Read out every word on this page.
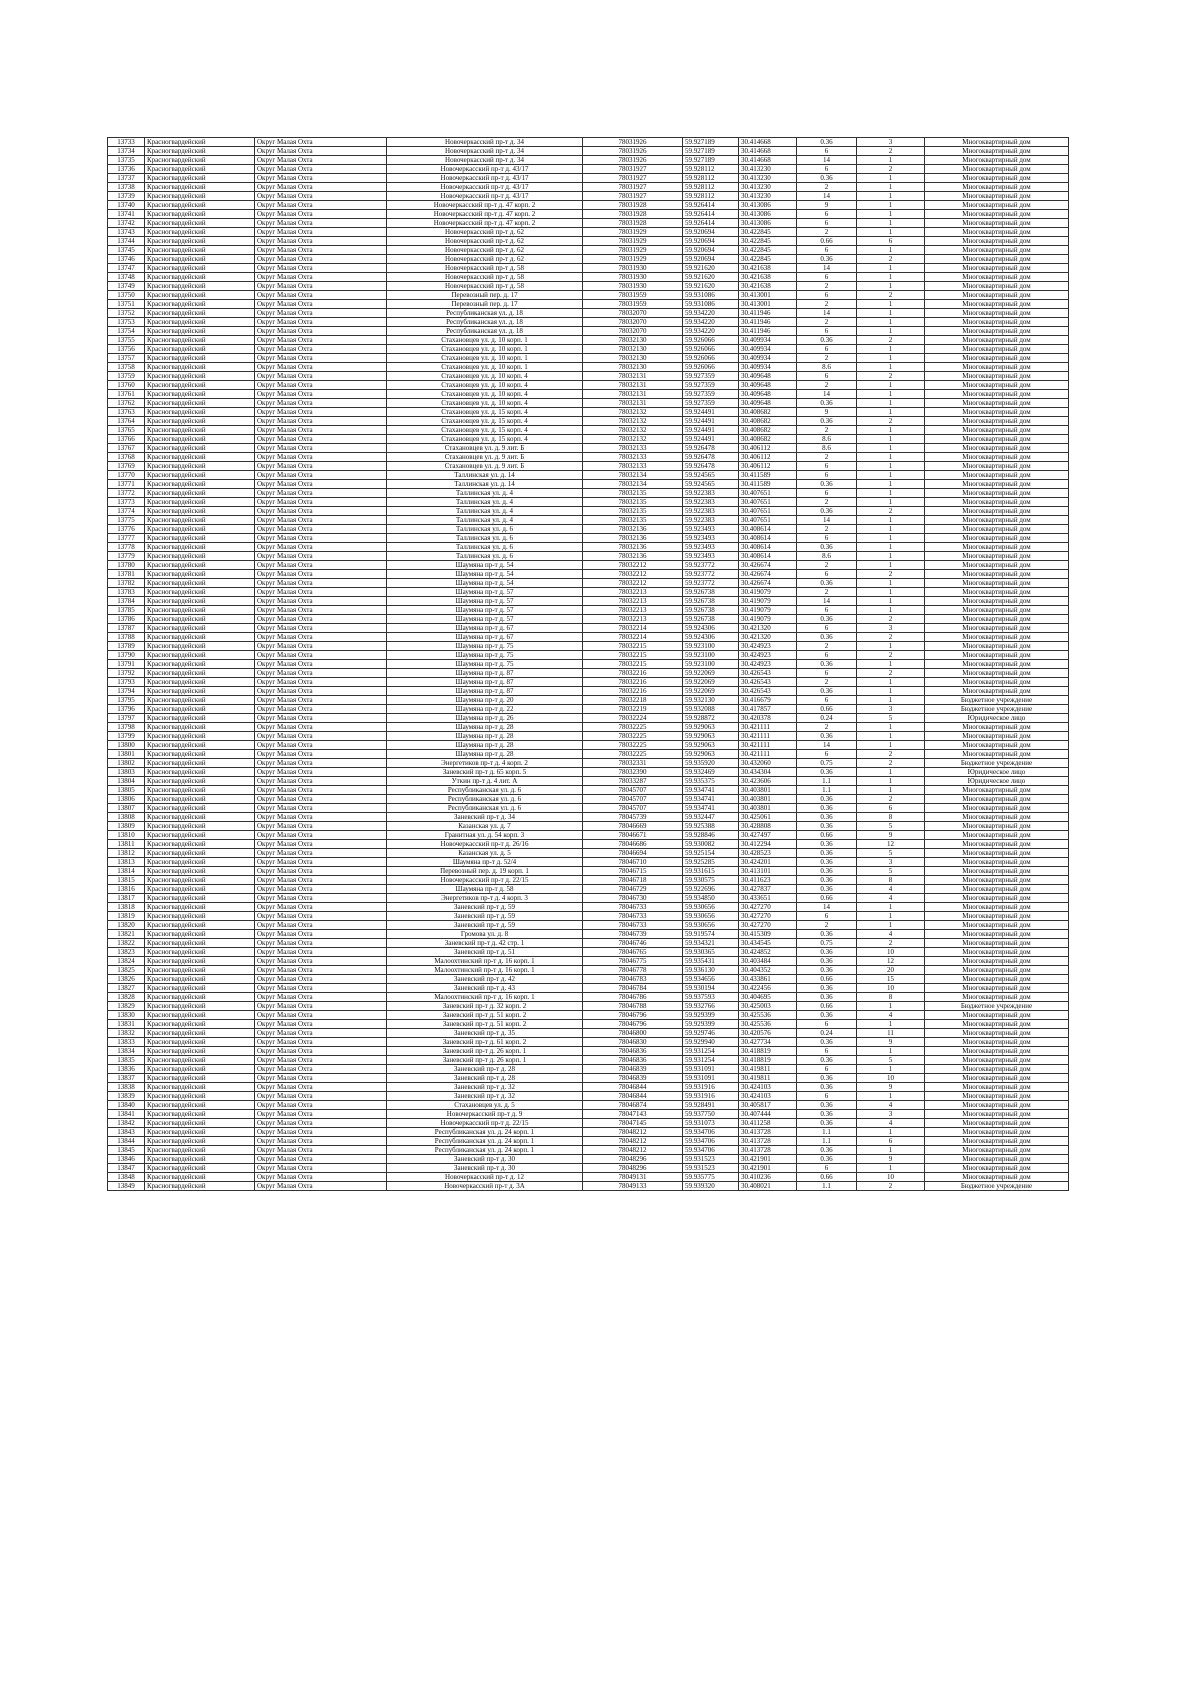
13733	Красногвардейский	Округ Малая Охта	Новочеркасский пр-т д. 34	78031926	59.927189	30.414668	0.36	3	Многоквартирный дом
13734	Красногвардейский	Округ Малая Охта	Новочеркасский пр-т д. 34	78031926	59.927189	30.414668	6	2	Многоквартирный дом
13735	Красногвардейский	Округ Малая Охта	Новочеркасский пр-т д. 34	78031926	59.927189	30.414668	14	1	Многоквартирный дом
13736	Красногвардейский	Округ Малая Охта	Новочеркасский пр-т д. 43/17	78031927	59.928112	30.413230	6	2	Многоквартирный дом
13737	Красногвардейский	Округ Малая Охта	Новочеркасский пр-т д. 43/17	78031927	59.928112	30.413230	0.36	1	Многоквартирный дом
13738	Красногвардейский	Округ Малая Охта	Новочеркасский пр-т д. 43/17	78031927	59.928112	30.413230	2	1	Многоквартирный дом
13739	Красногвардейский	Округ Малая Охта	Новочеркасский пр-т д. 43/17	78031927	59.928112	30.413230	14	1	Многоквартирный дом
13740	Красногвардейский	Округ Малая Охта	Новочеркасский пр-т д. 47 корп. 2	78031928	59.926414	30.413086	9	1	Многоквартирный дом
13741	Красногвардейский	Округ Малая Охта	Новочеркасский пр-т д. 47 корп. 2	78031928	59.926414	30.413086	6	1	Многоквартирный дом
13742	Красногвардейский	Округ Малая Охта	Новочеркасский пр-т д. 47 корп. 2	78031928	59.926414	30.413086	6	1	Многоквартирный дом
13743	Красногвардейский	Округ Малая Охта	Новочеркасский пр-т д. 62	78031929	59.920694	30.422845	2	1	Многоквартирный дом
13744	Красногвардейский	Округ Малая Охта	Новочеркасский пр-т д. 62	78031929	59.920694	30.422845	0.66	6	Многоквартирный дом
13745	Красногвардейский	Округ Малая Охта	Новочеркасский пр-т д. 62	78031929	59.920694	30.422845	6	1	Многоквартирный дом
13746	Красногвардейский	Округ Малая Охта	Новочеркасский пр-т д. 62	78031929	59.920694	30.422845	0.36	2	Многоквартирный дом
13747	Красногвардейский	Округ Малая Охта	Новочеркасский пр-т д. 58	78031930	59.921620	30.421638	14	1	Многоквартирный дом
13748	Красногвардейский	Округ Малая Охта	Новочеркасский пр-т д. 58	78031930	59.921620	30.421638	6	1	Многоквартирный дом
13749	Красногвардейский	Округ Малая Охта	Новочеркасский пр-т д. 58	78031930	59.921620	30.421638	2	1	Многоквартирный дом
13750	Красногвардейский	Округ Малая Охта	Перевозный пер. д. 17	78031959	59.931086	30.413001	6	2	Многоквартирный дом
13751	Красногвардейский	Округ Малая Охта	Перевозный пер. д. 17	78031959	59.931086	30.413001	2	1	Многоквартирный дом
13752	Красногвардейский	Округ Малая Охта	Республиканская ул. д. 18	78032070	59.934220	30.411946	14	1	Многоквартирный дом
13753	Красногвардейский	Округ Малая Охта	Республиканская ул. д. 18	78032070	59.934220	30.411946	2	1	Многоквартирный дом
13754	Красногвардейский	Округ Малая Охта	Республиканская ул. д. 18	78032070	59.934220	30.411946	6	1	Многоквартирный дом
13755	Красногвардейский	Округ Малая Охта	Стахановцев ул. д. 10 корп. 1	78032130	59.926066	30.409934	0.36	2	Многоквартирный дом
13756	Красногвардейский	Округ Малая Охта	Стахановцев ул. д. 10 корп. 1	78032130	59.926066	30.409934	6	1	Многоквартирный дом
13757	Красногвардейский	Округ Малая Охта	Стахановцев ул. д. 10 корп. 1	78032130	59.926066	30.409934	2	1	Многоквартирный дом
13758	Красногвардейский	Округ Малая Охта	Стахановцев ул. д. 10 корп. 1	78032130	59.926066	30.409934	8.6	1	Многоквартирный дом
13759	Красногвардейский	Округ Малая Охта	Стахановцев ул. д. 10 корп. 4	78032131	59.927359	30.409648	6	2	Многоквартирный дом
13760	Красногвардейский	Округ Малая Охта	Стахановцев ул. д. 10 корп. 4	78032131	59.927359	30.409648	2	1	Многоквартирный дом
13761	Красногвардейский	Округ Малая Охта	Стахановцев ул. д. 10 корп. 4	78032131	59.927359	30.409648	14	1	Многоквартирный дом
13762	Красногвардейский	Округ Малая Охта	Стахановцев ул. д. 10 корп. 4	78032131	59.927359	30.409648	0.36	1	Многоквартирный дом
13763	Красногвардейский	Округ Малая Охта	Стахановцев ул. д. 15 корп. 4	78032132	59.924491	30.408682	9	1	Многоквартирный дом
13764	Красногвардейский	Округ Малая Охта	Стахановцев ул. д. 15 корп. 4	78032132	59.924491	30.408682	0.36	2	Многоквартирный дом
13765	Красногвардейский	Округ Малая Охта	Стахановцев ул. д. 15 корп. 4	78032132	59.924491	30.408682	2	1	Многоквартирный дом
13766	Красногвардейский	Округ Малая Охта	Стахановцев ул. д. 15 корп. 4	78032132	59.924491	30.408682	8.6	1	Многоквартирный дом
13767	Красногвардейский	Округ Малая Охта	Стахановцев ул. д. 9 лит. Б	78032133	59.926478	30.406112	8.6	1	Многоквартирный дом
13768	Красногвардейский	Округ Малая Охта	Стахановцев ул. д. 9 лит. Б	78032133	59.926478	30.406112	2	1	Многоквартирный дом
13769	Красногвардейский	Округ Малая Охта	Стахановцев ул. д. 9 лит. Б	78032133	59.926478	30.406112	6	1	Многоквартирный дом
13770	Красногвардейский	Округ Малая Охта	Таллинская ул. д. 14	78032134	59.924565	30.411589	6	1	Многоквартирный дом
13771	Красногвардейский	Округ Малая Охта	Таллинская ул. д. 14	78032134	59.924565	30.411589	0.36	1	Многоквартирный дом
13772	Красногвардейский	Округ Малая Охта	Таллинская ул. д. 4	78032135	59.922383	30.407651	6	1	Многоквартирный дом
13773	Красногвардейский	Округ Малая Охта	Таллинская ул. д. 4	78032135	59.922383	30.407651	2	1	Многоквартирный дом
13774	Красногвардейский	Округ Малая Охта	Таллинская ул. д. 4	78032135	59.922383	30.407651	0.36	2	Многоквартирный дом
13775	Красногвардейский	Округ Малая Охта	Таллинская ул. д. 4	78032135	59.922383	30.407651	14	1	Многоквартирный дом
13776	Красногвардейский	Округ Малая Охта	Таллинская ул. д. 6	78032136	59.923493	30.408614	2	1	Многоквартирный дом
13777	Красногвардейский	Округ Малая Охта	Таллинская ул. д. 6	78032136	59.923493	30.408614	6	1	Многоквартирный дом
13778	Красногвардейский	Округ Малая Охта	Таллинская ул. д. 6	78032136	59.923493	30.408614	0.36	1	Многоквартирный дом
13779	Красногвардейский	Округ Малая Охта	Таллинская ул. д. 6	78032136	59.923493	30.408614	8.6	1	Многоквартирный дом
13780	Красногвардейский	Округ Малая Охта	Шаумяна пр-т д. 54	78032212	59.923772	30.426674	2	1	Многоквартирный дом
13781	Красногвардейский	Округ Малая Охта	Шаумяна пр-т д. 54	78032212	59.923772	30.426674	6	2	Многоквартирный дом
13782	Красногвардейский	Округ Малая Охта	Шаумяна пр-т д. 54	78032212	59.923772	30.426674	0.36	1	Многоквартирный дом
13783	Красногвардейский	Округ Малая Охта	Шаумяна пр-т д. 57	78032213	59.926738	30.419079	2	1	Многоквартирный дом
13784	Красногвардейский	Округ Малая Охта	Шаумяна пр-т д. 57	78032213	59.926738	30.419079	14	1	Многоквартирный дом
13785	Красногвардейский	Округ Малая Охта	Шаумяна пр-т д. 57	78032213	59.926738	30.419079	6	1	Многоквартирный дом
13786	Красногвардейский	Округ Малая Охта	Шаумяна пр-т д. 57	78032213	59.926738	30.419079	0.36	2	Многоквартирный дом
13787	Красногвардейский	Округ Малая Охта	Шаумяна пр-т д. 67	78032214	59.924306	30.421320	6	3	Многоквартирный дом
13788	Красногвардейский	Округ Малая Охта	Шаумяна пр-т д. 67	78032214	59.924306	30.421320	0.36	2	Многоквартирный дом
13789	Красногвардейский	Округ Малая Охта	Шаумяна пр-т д. 75	78032215	59.923100	30.424923	2	1	Многоквартирный дом
13790	Красногвардейский	Округ Малая Охта	Шаумяна пр-т д. 75	78032215	59.923100	30.424923	6	2	Многоквартирный дом
13791	Красногвардейский	Округ Малая Охта	Шаумяна пр-т д. 75	78032215	59.923100	30.424923	0.36	1	Многоквартирный дом
13792	Красногвардейский	Округ Малая Охта	Шаумяна пр-т д. 87	78032216	59.922069	30.426543	6	2	Многоквартирный дом
13793	Красногвардейский	Округ Малая Охта	Шаумяна пр-т д. 87	78032216	59.922069	30.426543	2	1	Многоквартирный дом
13794	Красногвардейский	Округ Малая Охта	Шаумяна пр-т д. 87	78032216	59.922069	30.426543	0.36	1	Многоквартирный дом
13795	Красногвардейский	Округ Малая Охта	Шаумяна пр-т д. 20	78032218	59.932130	30.416679	6	1	Бюджетное учреждение
13796	Красногвардейский	Округ Малая Охта	Шаумяна пр-т д. 22	78032219	59.932088	30.417857	0.66	3	Бюджетное учреждение
13797	Красногвардейский	Округ Малая Охта	Шаумяна пр-т д. 26	78032224	59.928872	30.420378	0.24	5	Юридическое лицо
13798	Красногвардейский	Округ Малая Охта	Шаумяна пр-т д. 28	78032225	59.929063	30.421111	2	1	Многоквартирный дом
13799	Красногвардейский	Округ Малая Охта	Шаумяна пр-т д. 28	78032225	59.929063	30.421111	0.36	1	Многоквартирный дом
13800	Красногвардейский	Округ Малая Охта	Шаумяна пр-т д. 28	78032225	59.929063	30.421111	14	1	Многоквартирный дом
13801	Красногвардейский	Округ Малая Охта	Шаумяна пр-т д. 28	78032225	59.929063	30.421111	6	2	Многоквартирный дом
13802	Красногвардейский	Округ Малая Охта	Энергетиков пр-т д. 4 корп. 2	78032331	59.935920	30.432060	0.75	2	Бюджетное учреждение
13803	Красногвардейский	Округ Малая Охта	Заневский пр-т д. 65 корп. 5	78032390	59.932469	30.434304	0.36	1	Юридическое лицо
13804	Красногвардейский	Округ Малая Охта	Уткин пр-т д. 4 лит. А	78033287	59.935375	30.423606	1.1	1	Юридическое лицо
13805	Красногвардейский	Округ Малая Охта	Республиканская ул. д. 6	78045707	59.934741	30.403801	1.1	1	Многоквартирный дом
13806	Красногвардейский	Округ Малая Охта	Республиканская ул. д. 6	78045707	59.934741	30.403801	0.36	2	Многоквартирный дом
13807	Красногвардейский	Округ Малая Охта	Республиканская ул. д. 6	78045707	59.934741	30.403801	0.36	6	Многоквартирный дом
13808	Красногвардейский	Округ Малая Охта	Заневский пр-т д. 34	78045739	59.932447	30.425061	0.36	8	Многоквартирный дом
13809	Красногвардейский	Округ Малая Охта	Казанская ул. д. 7	78046669	59.925388	30.428808	0.36	5	Многоквартирный дом
13810	Красногвардейский	Округ Малая Охта	Гранитная ул. д. 54 корп. 3	78046671	59.928846	30.427497	0.66	9	Многоквартирный дом
13811	Красногвардейский	Округ Малая Охта	Новочеркасский пр-т д. 26/16	78046686	59.930082	30.412294	0.36	12	Многоквартирный дом
13812	Красногвардейский	Округ Малая Охта	Казанская ул. д. 5	78046694	59.925154	30.428523	0.36	5	Многоквартирный дом
13813	Красногвардейский	Округ Малая Охта	Шаумяна пр-т д. 52/4	78046710	59.925285	30.424201	0.36	3	Многоквартирный дом
13814	Красногвардейский	Округ Малая Охта	Перевозный пер. д. 19 корп. 1	78046715	59.931615	30.413101	0.36	5	Многоквартирный дом
13815	Красногвардейский	Округ Малая Охта	Новочеркасский пр-т д. 22/15	78046718	59.930575	30.411623	0.36	8	Многоквартирный дом
13816	Красногвардейский	Округ Малая Охта	Шаумяна пр-т д. 58	78046729	59.922696	30.427837	0.36	4	Многоквартирный дом
13817	Красногвардейский	Округ Малая Охта	Энергетиков пр-т д. 4 корп. 3	78046730	59.934850	30.433651	0.66	4	Многоквартирный дом
13818	Красногвардейский	Округ Малая Охта	Заневский пр-т д. 59	78046733	59.930656	30.427270	14	1	Многоквартирный дом
13819	Красногвардейский	Округ Малая Охта	Заневский пр-т д. 59	78046733	59.930656	30.427270	6	1	Многоквартирный дом
13820	Красногвардейский	Округ Малая Охта	Заневский пр-т д. 59	78046733	59.930656	30.427270	2	1	Многоквартирный дом
13821	Красногвардейский	Округ Малая Охта	Громова ул. д. 8	78046739	59.919574	30.415309	0.36	4	Многоквартирный дом
13822	Красногвардейский	Округ Малая Охта	Заневский пр-т д. 42 стр. 1	78046746	59.934321	30.434545	0.75	2	Многоквартирный дом
13823	Красногвардейский	Округ Малая Охта	Заневский пр-т д. 51	78046765	59.930365	30.424852	0.36	10	Многоквартирный дом
13824	Красногвардейский	Округ Малая Охта	Малоохтинский пр-т д. 16 корп. 1	78046775	59.935431	30.403484	0.36	12	Многоквартирный дом
13825	Красногвардейский	Округ Малая Охта	Малоохтинский пр-т д. 16 корп. 1	78046778	59.936130	30.404352	0.36	20	Многоквартирный дом
13826	Красногвардейский	Округ Малая Охта	Заневский пр-т д. 42	78046783	59.934656	30.433861	0.66	15	Многоквартирный дом
13827	Красногвардейский	Округ Малая Охта	Заневский пр-т д. 43	78046784	59.930194	30.422456	0.36	10	Многоквартирный дом
13828	Красногвардейский	Округ Малая Охта	Малоохтинский пр-т д. 16 корп. 1	78046786	59.937593	30.404695	0.36	8	Многоквартирный дом
13829	Красногвардейский	Округ Малая Охта	Заневский пр-т д. 32 корп. 2	78046788	59.932766	30.425003	0.66	1	Бюджетное учреждение
13830	Красногвардейский	Округ Малая Охта	Заневский пр-т д. 51 корп. 2	78046796	59.929399	30.425536	0.36	4	Многоквартирный дом
13831	Красногвардейский	Округ Малая Охта	Заневский пр-т д. 51 корп. 2	78046796	59.929399	30.425536	6	1	Многоквартирный дом
13832	Красногвардейский	Округ Малая Охта	Заневский пр-т д. 35	78046800	59.929746	30.420576	0.24	11	Многоквартирный дом
13833	Красногвардейский	Округ Малая Охта	Заневский пр-т д. 61 корп. 2	78046830	59.929940	30.427734	0.36	9	Многоквартирный дом
13834	Красногвардейский	Округ Малая Охта	Заневский пр-т д. 26 корп. 1	78046836	59.931254	30.418819	6	1	Многоквартирный дом
13835	Красногвардейский	Округ Малая Охта	Заневский пр-т д. 26 корп. 1	78046836	59.931254	30.418819	0.36	5	Многоквартирный дом
13836	Красногвардейский	Округ Малая Охта	Заневский пр-т д. 28	78046839	59.931091	30.419811	6	1	Многоквартирный дом
13837	Красногвардейский	Округ Малая Охта	Заневский пр-т д. 28	78046839	59.931091	30.419811	0.36	10	Многоквартирный дом
13838	Красногвардейский	Округ Малая Охта	Заневский пр-т д. 32	78046844	59.931916	30.424103	0.36	9	Многоквартирный дом
13839	Красногвардейский	Округ Малая Охта	Заневский пр-т д. 32	78046844	59.931916	30.424103	6	1	Многоквартирный дом
13840	Красногвардейский	Округ Малая Охта	Стахановцев ул. д. 5	78046874	59.928491	30.405817	0.36	4	Многоквартирный дом
13841	Красногвардейский	Округ Малая Охта	Новочеркасский пр-т д. 9	78047143	59.937750	30.407444	0.36	3	Многоквартирный дом
13842	Красногвардейский	Округ Малая Охта	Новочеркасский пр-т д. 22/15	78047145	59.931073	30.411258	0.36	4	Многоквартирный дом
13843	Красногвардейский	Округ Малая Охта	Республиканская ул. д. 24 корп. 1	78048212	59.934706	30.413728	1.1	1	Многоквартирный дом
13844	Красногвардейский	Округ Малая Охта	Республиканская ул. д. 24 корп. 1	78048212	59.934706	30.413728	1.1	6	Многоквартирный дом
13845	Красногвардейский	Округ Малая Охта	Республиканская ул. д. 24 корп. 1	78048212	59.934706	30.413728	0.36	1	Многоквартирный дом
13846	Красногвардейский	Округ Малая Охта	Заневский пр-т д. 30	78048296	59.931523	30.421901	0.36	9	Многоквартирный дом
13847	Красногвардейский	Округ Малая Охта	Заневский пр-т д. 30	78048296	59.931523	30.421901	6	1	Многоквартирный дом
13848	Красногвардейский	Округ Малая Охта	Новочеркасский пр-т д. 12	78049131	59.935775	30.410236	0.66	10	Многоквартирный дом
13849	Красногвардейский	Округ Малая Охта	Новочеркасский пр-т д. 3А	78049133	59.939320	30.408021	1.1	2	Бюджетное учреждение
